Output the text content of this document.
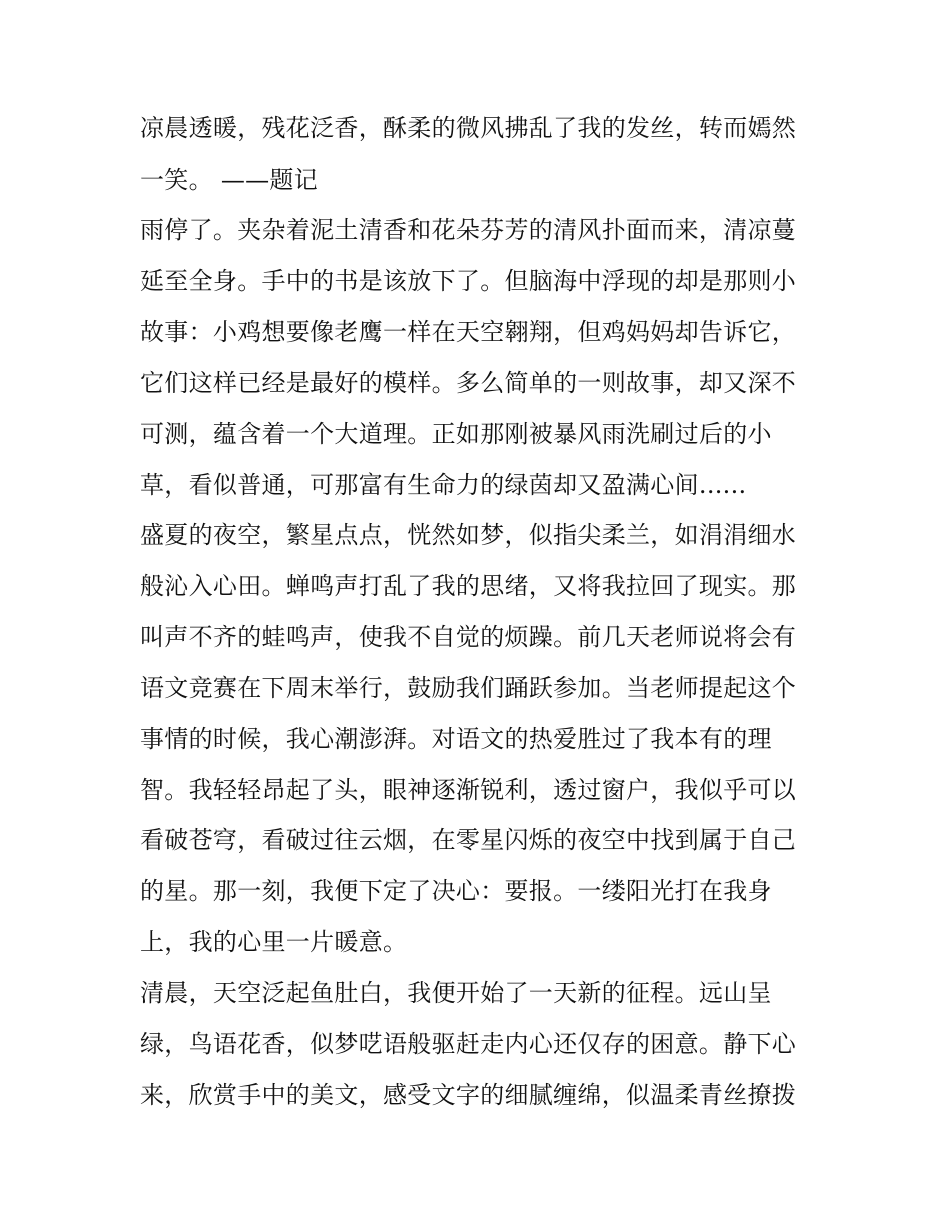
凉晨透暖，残花泛香，酥柔的微风拂乱了我的发丝，转而嫣然
一笑。 ——题记
雨停了。夹杂着泥土清香和花朵芬芳的清风扑面而来，清凉蔓
延至全身。手中的书是该放下了。但脑海中浮现的却是那则小
故事：小鸡想要像老鹰一样在天空翱翔，但鸡妈妈却告诉它，
它们这样已经是最好的模样。多么简单的一则故事，却又深不
可测，蕴含着一个大道理。正如那刚被暴风雨洗刷过后的小
草，看似普通，可那富有生命力的绿茵却又盈满心间......
盛夏的夜空，繁星点点，恍然如梦，似指尖柔兰，如涓涓细水
般沁入心田。蝉鸣声打乱了我的思绪，又将我拉回了现实。那
叫声不齐的蛙鸣声，使我不自觉的烦躁。前几天老师说将会有
语文竞赛在下周末举行，鼓励我们踊跃参加。当老师提起这个
事情的时候，我心潮澎湃。对语文的热爱胜过了我本有的理
智。我轻轻昂起了头，眼神逐渐锐利，透过窗户，我似乎可以
看破苍穹，看破过往云烟，在零星闪烁的夜空中找到属于自己
的星。那一刻，我便下定了决心：要报。一缕阳光打在我身
上，我的心里一片暖意。
清晨，天空泛起鱼肚白，我便开始了一天新的征程。远山呈
绿，鸟语花香，似梦呓语般驱赶走内心还仅存的困意。静下心
来，欣赏手中的美文，感受文字的细腻缠绵，似温柔青丝撩拨
